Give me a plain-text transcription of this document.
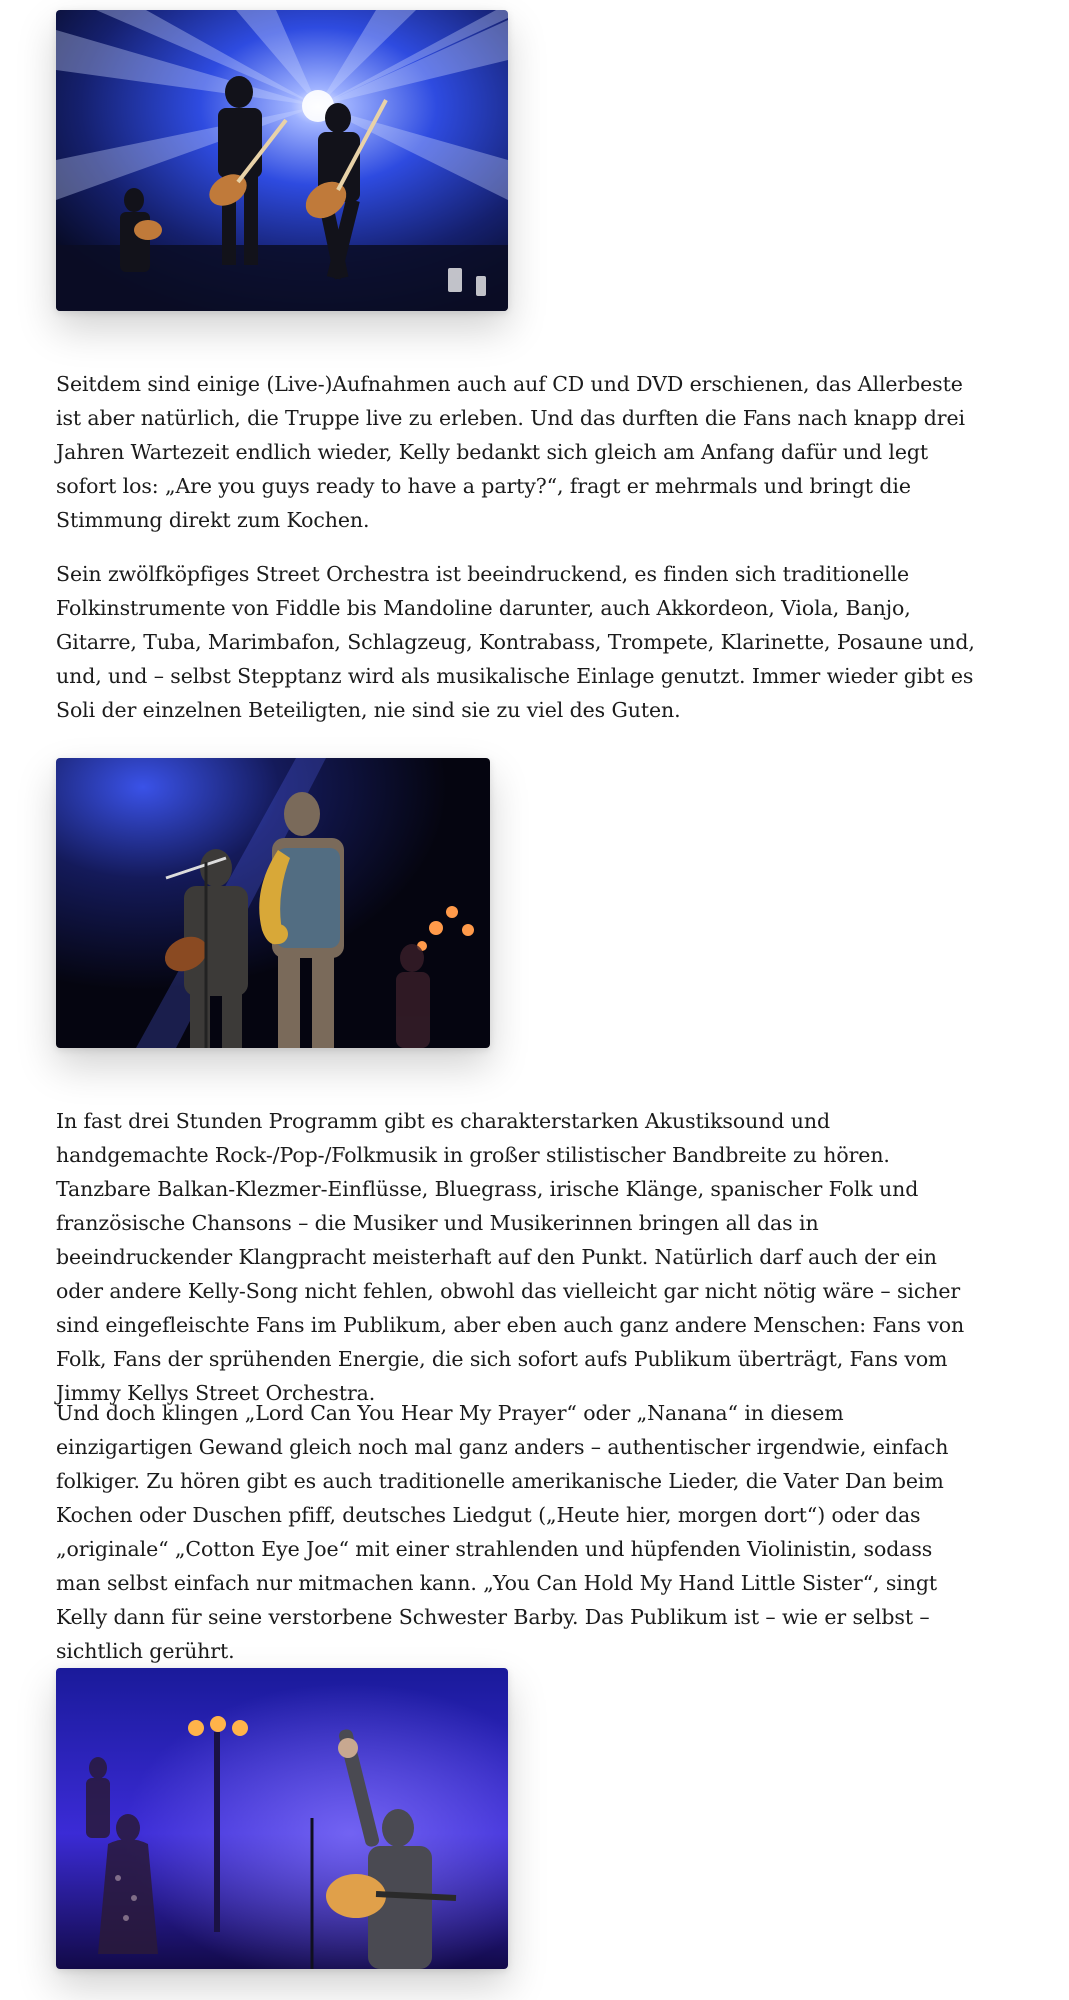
Seitdem sind einige (Live-)Aufnahmen auch auf CD und DVD erschienen, das Allerbeste ist aber natürlich, die Truppe live zu erleben. Und das durften die Fans nach knapp drei Jahren Wartezeit endlich wieder, Kelly bedankt sich gleich am Anfang dafür und legt sofort los: „Are you guys ready to have a party?“, fragt er mehrmals und bringt die Stimmung direkt zum Kochen.

Sein zwölfköpfiges Street Orchestra ist beeindruckend, es finden sich traditionelle Folkinstrumente von Fiddle bis Mandoline darunter, auch Akkordeon, Viola, Banjo, Gitarre, Tuba, Marimbafon, Schlagzeug, Kontrabass, Trompete, Klarinette, Posaune und, und, und – selbst Stepptanz wird als musikalische Einlage genutzt. Immer wieder gibt es Soli der einzelnen Beteiligten, nie sind sie zu viel des Guten.

In fast drei Stunden Programm gibt es charakterstarken Akustiksound und handgemachte Rock-/Pop-/Folkmusik in großer stilistischer Bandbreite zu hören. Tanzbare Balkan-Klezmer-Einflüsse, Bluegrass, irische Klänge, spanischer Folk und französische Chansons – die Musiker und Musikerinnen bringen all das in beeindruckender Klangpracht meisterhaft auf den Punkt. Natürlich darf auch der ein oder andere Kelly-Song nicht fehlen, obwohl das vielleicht gar nicht nötig wäre – sicher sind eingefleischte Fans im Publikum, aber eben auch ganz andere Menschen: Fans von Folk, Fans der sprühenden Energie, die sich sofort aufs Publikum überträgt, Fans vom Jimmy Kellys Street Orchestra.

Und doch klingen „Lord Can You Hear My Prayer“ oder „Nanana“ in diesem einzigartigen Gewand gleich noch mal ganz anders – authentischer irgendwie, einfach folkiger. Zu hören gibt es auch traditionelle amerikanische Lieder, die Vater Dan beim Kochen oder Duschen pfiff, deutsches Liedgut („Heute hier, morgen dort“) oder das „originale“ „Cotton Eye Joe“ mit einer strahlenden und hüpfenden Violinistin, sodass man selbst einfach nur mitmachen kann. „You Can Hold My Hand Little Sister“, singt Kelly dann für seine verstorbene Schwester Barby. Das Publikum ist – wie er selbst – sichtlich gerührt.
